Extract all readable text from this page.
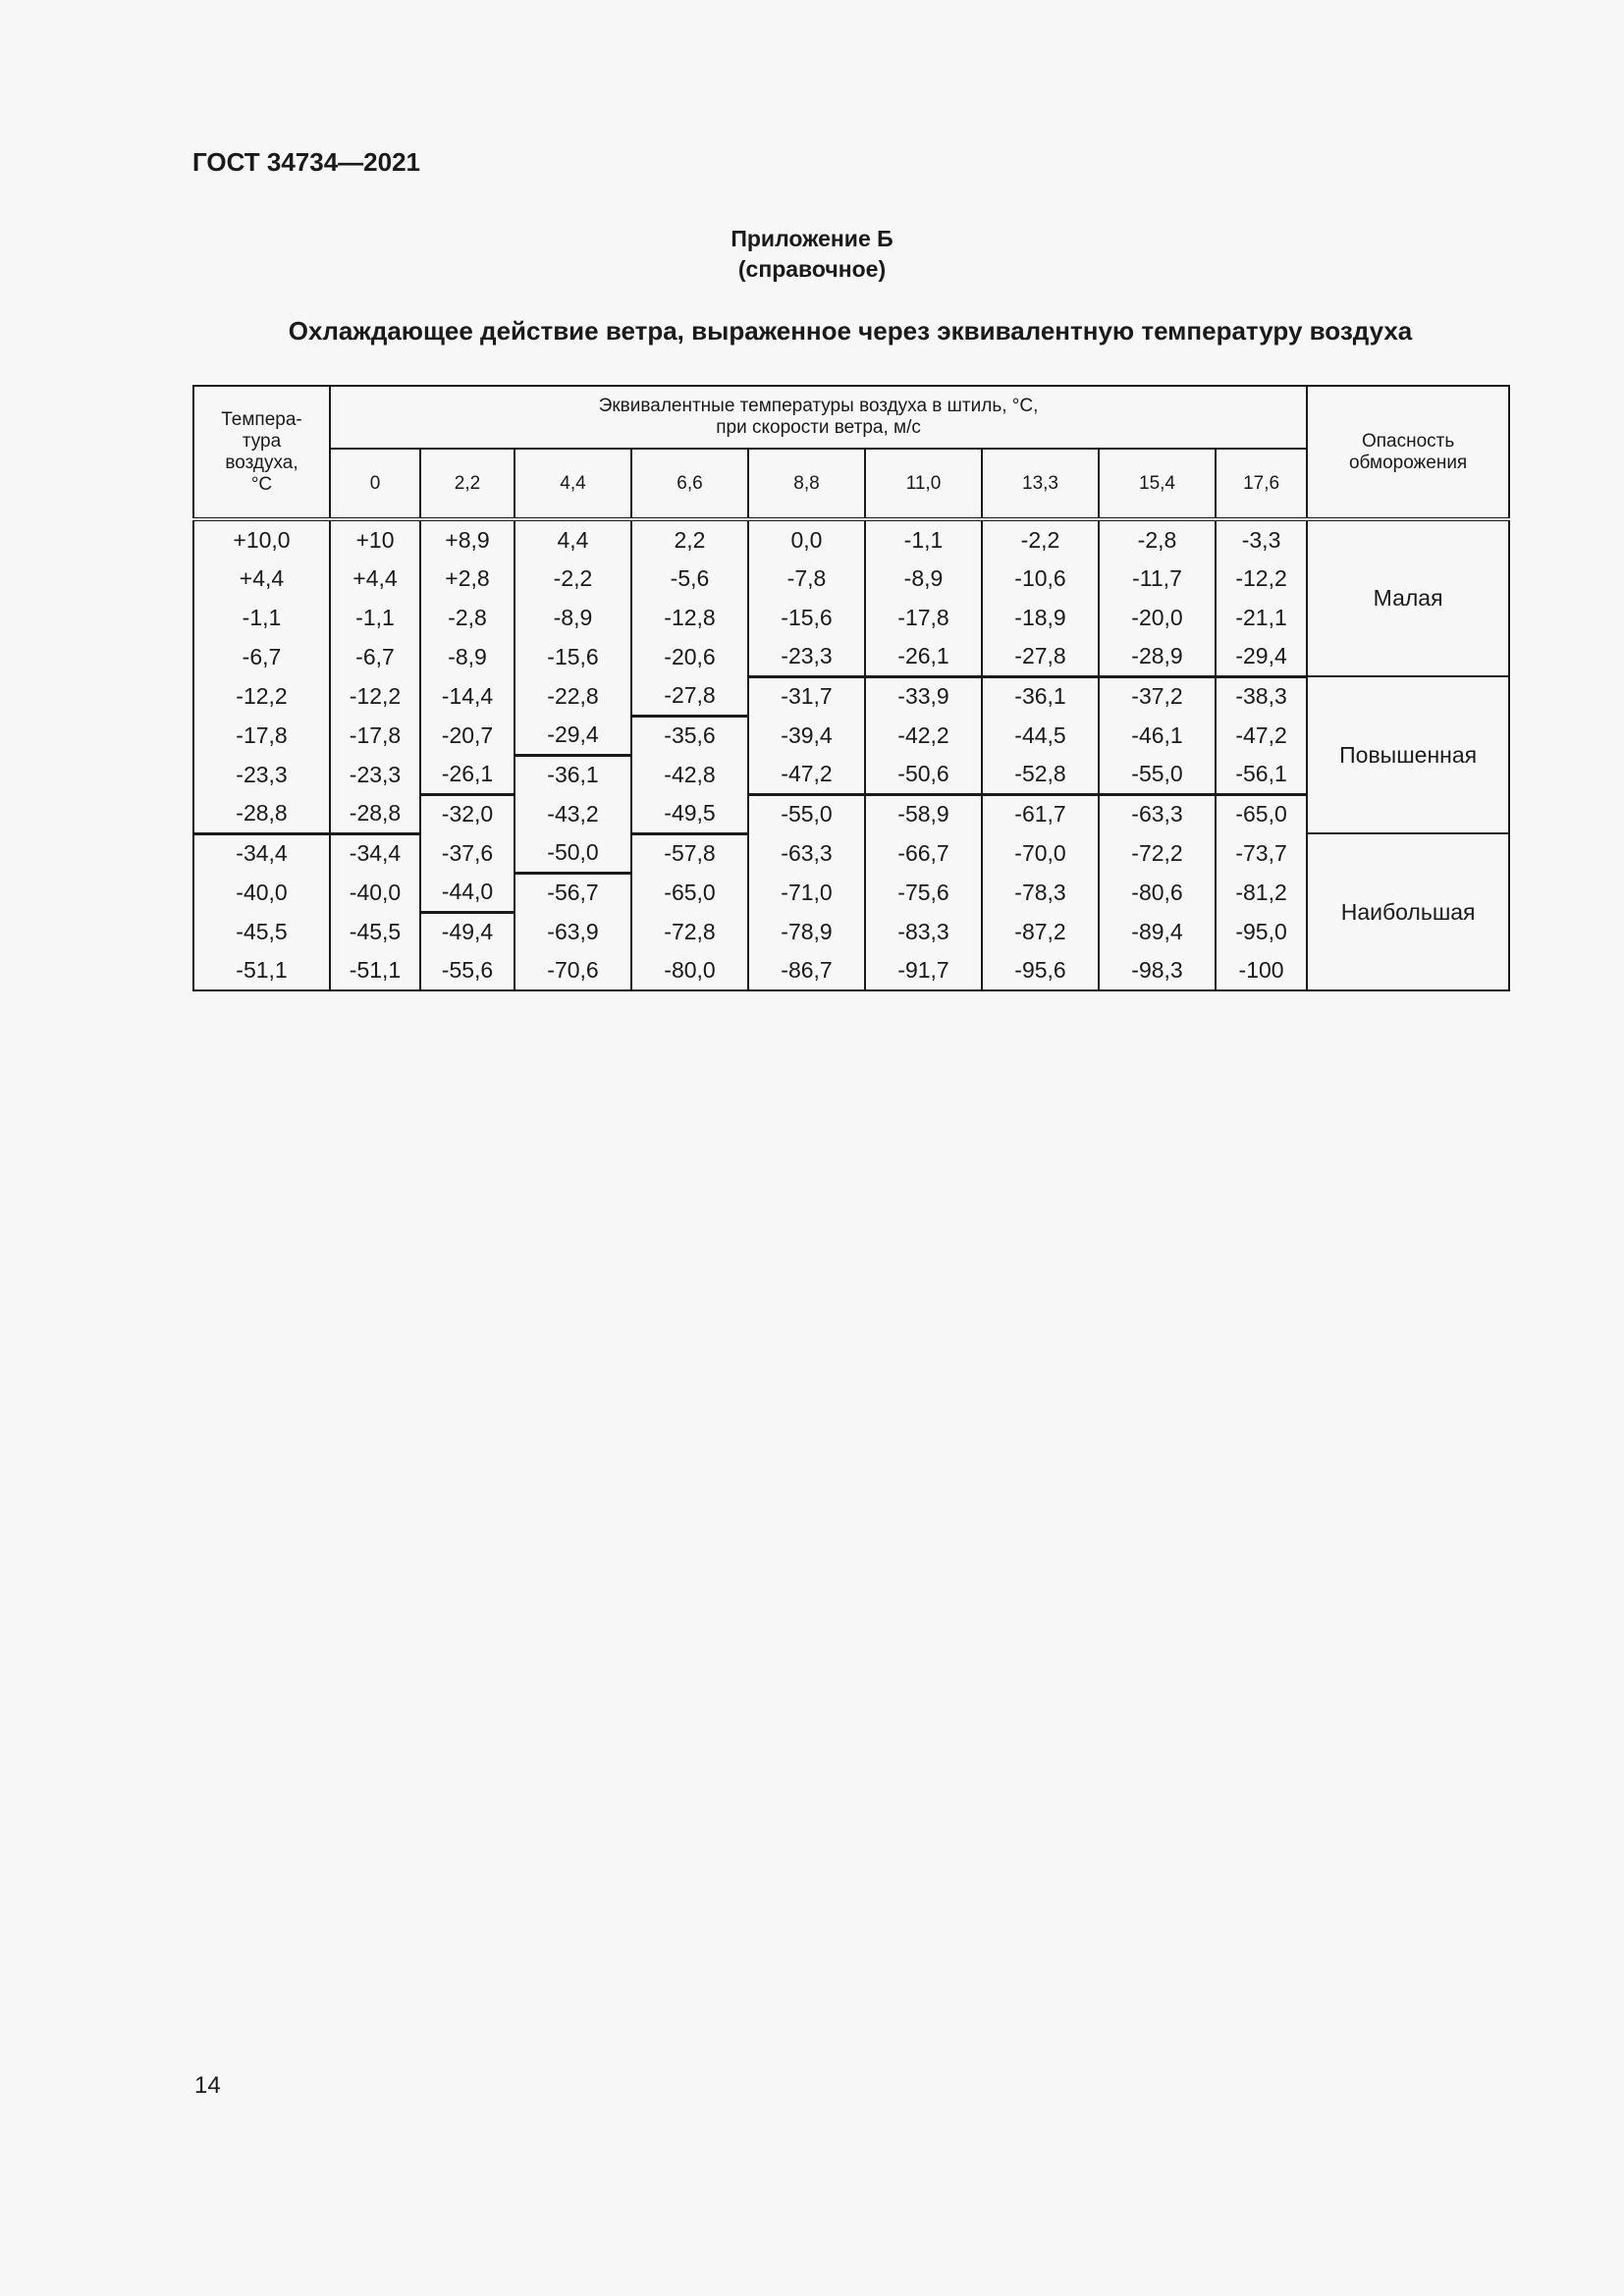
ГОСТ 34734—2021
Приложение Б
(справочное)
Охлаждающее действие ветра, выраженное через эквивалентную температуру воздуха
Темпера-
тура
воздуха,
°С	Эквивалентные температуры воздуха в штиль, °С,
при скорости ветра, м/с									Опасность
обморожения
	0	2,2	4,4	6,6	8,8	11,0	13,3	15,4	17,6	
+10,0	+10	+8,9	4,4	2,2	0,0	-1,1	-2,2	-2,8	-3,3	Малая
+4,4	+4,4	+2,8	-2,2	-5,6	-7,8	-8,9	-10,6	-11,7	-12,2	
-1,1	-1,1	-2,8	-8,9	-12,8	-15,6	-17,8	-18,9	-20,0	-21,1	
-6,7	-6,7	-8,9	-15,6	-20,6	-23,3	-26,1	-27,8	-28,9	-29,4	
-12,2	-12,2	-14,4	-22,8	-27,8	-31,7	-33,9	-36,1	-37,2	-38,3	Повышенная
-17,8	-17,8	-20,7	-29,4	-35,6	-39,4	-42,2	-44,5	-46,1	-47,2	
-23,3	-23,3	-26,1	-36,1	-42,8	-47,2	-50,6	-52,8	-55,0	-56,1	
-28,8	-28,8	-32,0	-43,2	-49,5	-55,0	-58,9	-61,7	-63,3	-65,0	
-34,4	-34,4	-37,6	-50,0	-57,8	-63,3	-66,7	-70,0	-72,2	-73,7	Наибольшая
-40,0	-40,0	-44,0	-56,7	-65,0	-71,0	-75,6	-78,3	-80,6	-81,2	
-45,5	-45,5	-49,4	-63,9	-72,8	-78,9	-83,3	-87,2	-89,4	-95,0	
-51,1	-51,1	-55,6	-70,6	-80,0	-86,7	-91,7	-95,6	-98,3	-100	
14
